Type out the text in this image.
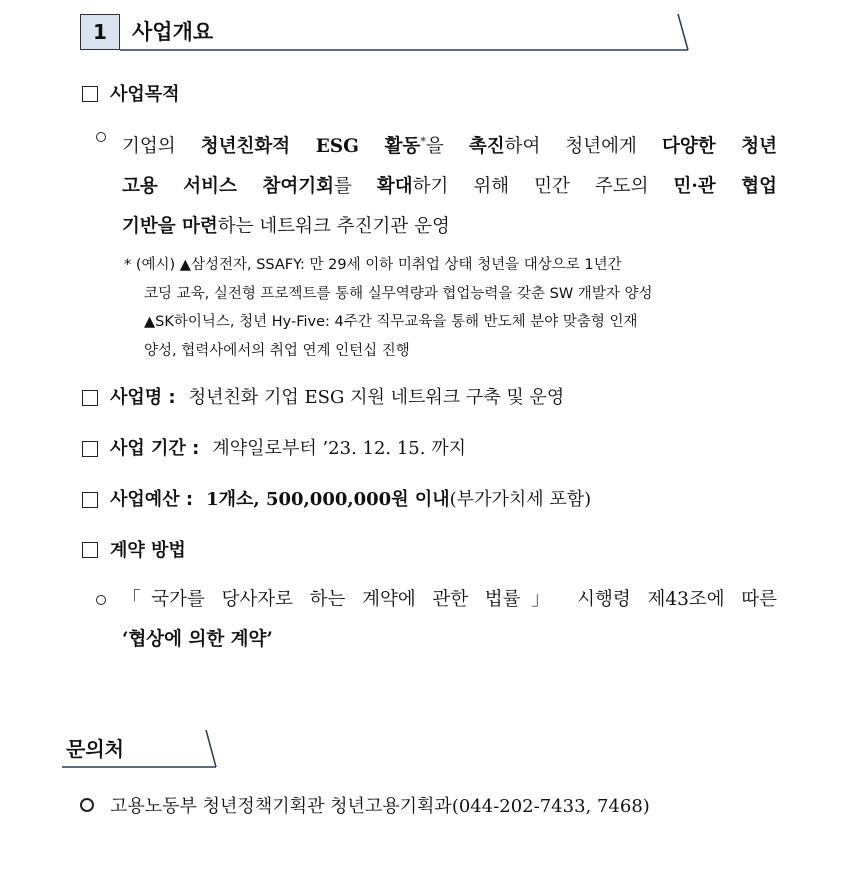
1	사업개요
사업목적
기업의 청년친화적 ESG 활동*을 촉진하여 청년에게 다양한 청년
고용 서비스 참여기회를 확대하기 위해 민간 주도의 민·관 협업
기반을 마련하는 네트워크 추진기관 운영
* (예시) ▲삼성전자, SSAFY: 만 29세 이하 미취업 상태 청년을 대상으로 1년간
코딩 교육, 실전형 프로젝트를 통해 실무역량과 협업능력을 갖춘 SW 개발자 양성
▲SK하이닉스, 청년 Hy-Five: 4주간 직무교육을 통해 반도체 분야 맞춤형 인재
양성, 협력사에서의 취업 연계 인턴십 진행
사업명 : 청년친화 기업 ESG 지원 네트워크 구축 및 운영
사업 기간 : 계약일로부터 ’23. 12. 15. 까지
사업예산 : 1개소, 500,000,000원 이내(부가가치세 포함)
계약 방법
「국가를 당사자로 하는 계약에 관한 법률」 시행령 제43조에 따른
‘협상에 의한 계약’
문의처
고용노동부 청년정책기획관 청년고용기획과(044-202-7433, 7468)
